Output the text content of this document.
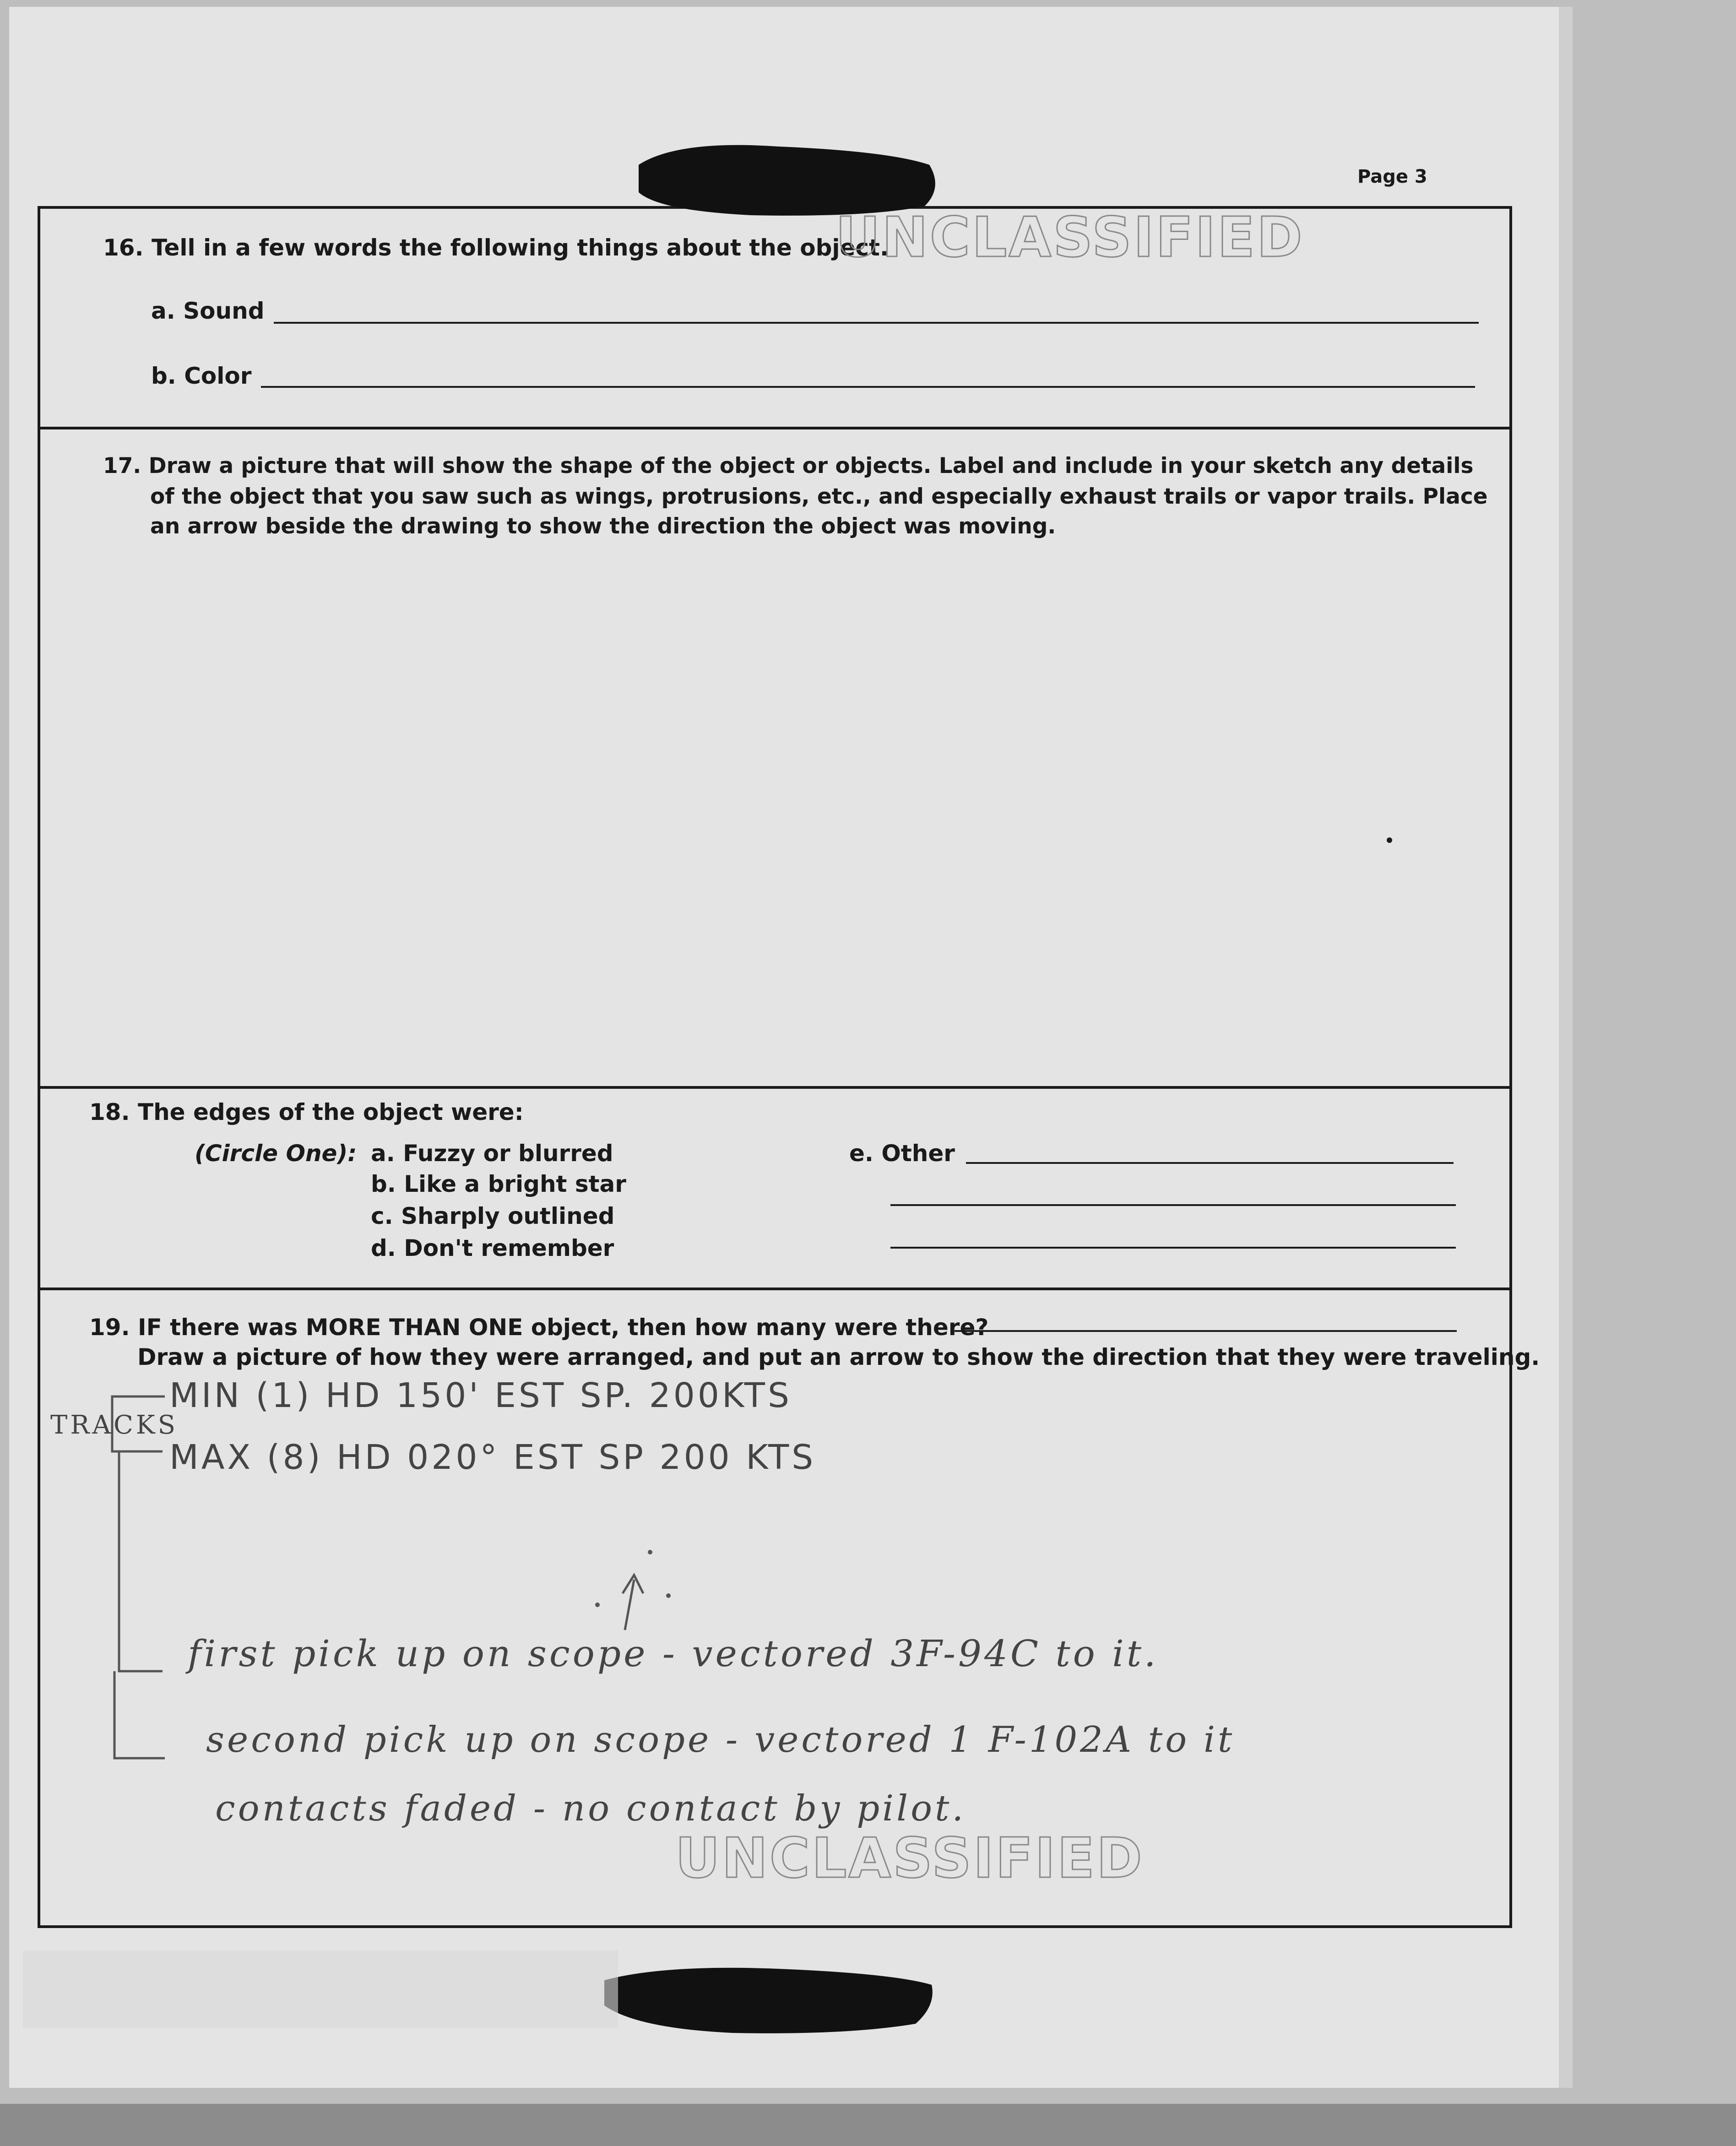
Page 3
16. Tell in a few words the following things about the object.
UNCLASSIFIED
a. Sound
b. Color
17. Draw a picture that will show the shape of the object or objects. Label and include in your sketch any details
of the object that you saw such as wings, protrusions, etc., and especially exhaust trails or vapor trails. Place
an arrow beside the drawing to show the direction the object was moving.
18. The edges of the object were:
(Circle One): a. Fuzzy or blurred
b. Like a bright star
c. Sharply outlined
d. Don't remember
e. Other
19. IF there was MORE THAN ONE object, then how many were there?
Draw a picture of how they were arranged, and put an arrow to show the direction that they were traveling.
TRACKS
MIN (1) HD 150' EST SP. 200KTS
MAX (8) HD 020° EST SP 200 KTS
first pick up on scope - vectored 3F-94C to it.
second pick up on scope - vectored 1 F-102A to it
contacts faded - no contact by pilot.
UNCLASSIFIED
